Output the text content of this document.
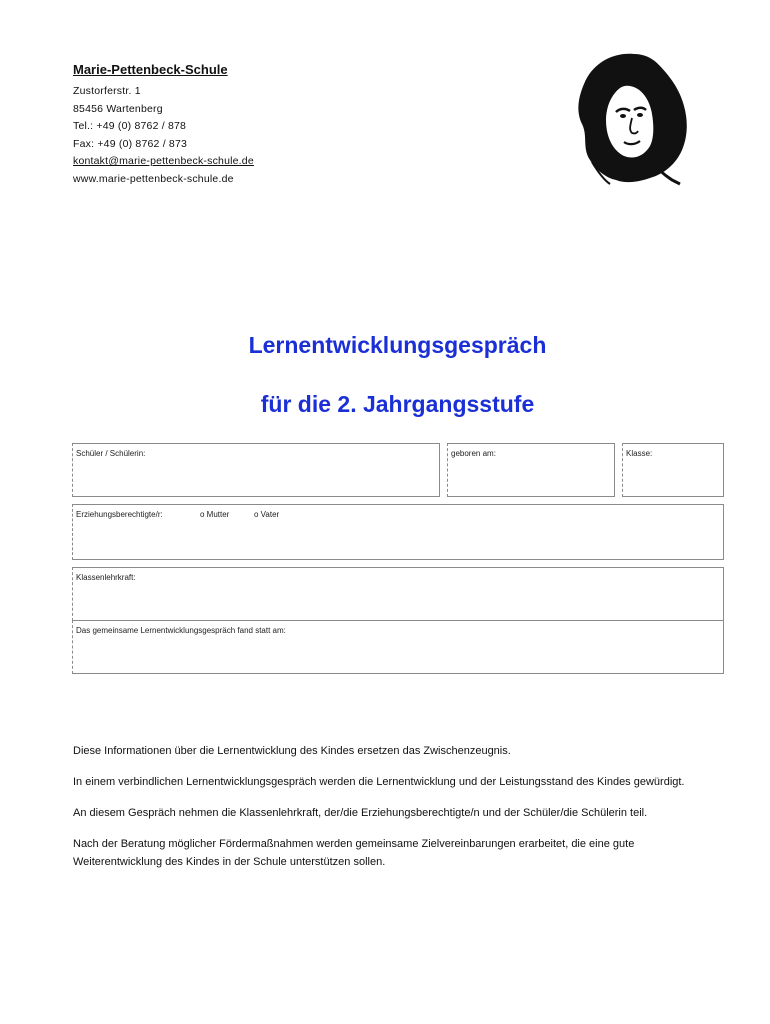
Marie-Pettenbeck-Schule
Zustorferstr. 1
85456 Wartenberg
Tel.: +49 (0) 8762 / 878
Fax: +49 (0) 8762 / 873
kontakt@marie-pettenbeck-schule.de
www.marie-pettenbeck-schule.de
Lernentwicklungsgespräch
für die 2. Jahrgangsstufe
Schüler / Schülerin:	geboren am:	Klasse:
Erziehungsberechtigte/r:	o Mutter	o Vater
Klassenlehrkraft:
Das gemeinsame Lernentwicklungsgespräch fand statt am:

Diese Informationen über die Lernentwicklung des Kindes ersetzen das Zwischenzeugnis.

In einem verbindlichen Lernentwicklungsgespräch werden die Lernentwicklung und der Leistungsstand des Kindes gewürdigt.

An diesem Gespräch nehmen die Klassenlehrkraft, der/die Erziehungsberechtigte/n und der Schüler/die Schülerin teil.

Nach der Beratung möglicher Fördermaßnahmen werden gemeinsame Zielvereinbarungen erarbeitet, die eine gute Weiterentwicklung des Kindes in der Schule unterstützen sollen.
